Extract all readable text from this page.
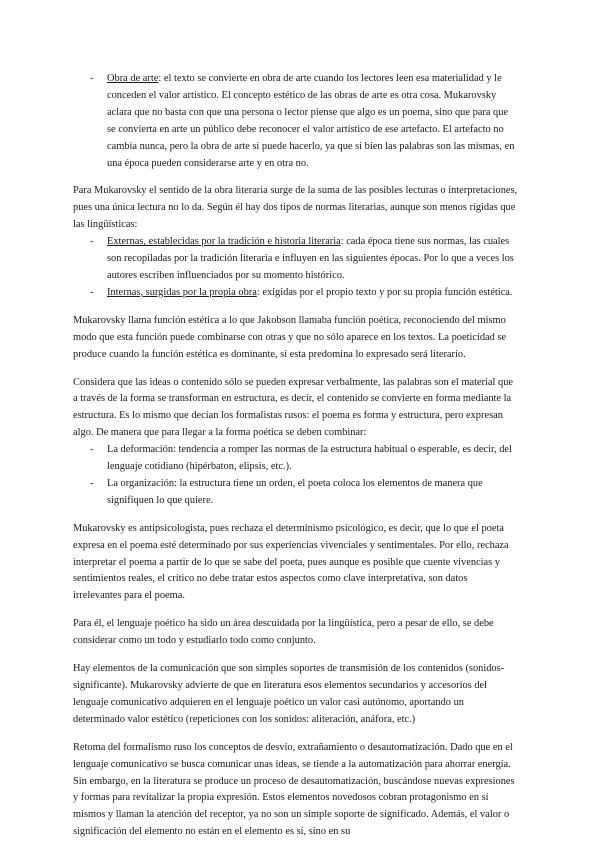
- Obra de arte: el texto se convierte en obra de arte cuando los lectores leen esa materialidad y le conceden el valor artístico. El concepto estético de las obras de arte es otra cosa. Mukarovsky aclara que no basta con que una persona o lector piense que algo es un poema, sino que para que se convierta en arte un público debe reconocer el valor artístico de ese artefacto. El artefacto no cambia nunca, pero la obra de arte sí puede hacerlo, ya que si bien las palabras son las mismas, en una época pueden considerarse arte y en otra no.

Para Mukarovsky el sentido de la obra literaria surge de la suma de las posibles lecturas o interpretaciones, pues una única lectura no lo da. Según él hay dos tipos de normas literarias, aunque son menos rígidas que las lingüísticas:

- Externas, establecidas por la tradición e historia literaria: cada época tiene sus normas, las cuales son recopiladas por la tradición literaria e influyen en las siguientes épocas. Por lo que a veces los autores escriben influenciados por su momento histórico.
- Internas, surgidas por la propia obra: exigidas por el propio texto y por su propia función estética.

Mukarovsky llama función estética a lo que Jakobson llamaba función poética, reconociendo del mismo modo que esta función puede combinarse con otras y que no sólo aparece en los textos. La poeticidad se produce cuando la función estética es dominante, si esta predomina lo expresado será literario.

Considera que las ideas o contenido sólo se pueden expresar verbalmente, las palabras son el material que a través de la forma se transforman en estructura, es decir, el contenido se convierte en forma mediante la estructura. Es lo mismo que decían los formalistas rusos: el poema es forma y estructura, pero expresan algo. De manera que para llegar a la forma poética se deben combinar:

- La deformación: tendencia a romper las normas de la estructura habitual o esperable, es decir, del lenguaje cotidiano (hipérbaton, elipsis, etc.).
- La organización: la estructura tiene un orden, el poeta coloca los elementos de manera que signifiquen lo que quiere.

Mukarovsky es antipsicologista, pues rechaza el determinismo psicológico, es decir, que lo que el poeta expresa en el poema esté determinado por sus experiencias vivenciales y sentimentales. Por ello, rechaza interpretar el poema a partir de lo que se sabe del poeta, pues aunque es posible que cuente vivencias y sentimientos reales, el crítico no debe tratar estos aspectos como clave interpretativa, son datos irrelevantes para el poema.

Para él, el lenguaje poético ha sido un área descuidada por la lingüística, pero a pesar de ello, se debe considerar como un todo y estudiarlo todo como conjunto.

Hay elementos de la comunicación que son simples soportes de transmisión de los contenidos (sonidos-significante). Mukarovsky advierte de que en literatura esos elementos secundarios y accesorios del lenguaje comunicativo adquieren en el lenguaje poético un valor casi autónomo, aportando un determinado valor estético (repeticiones con los sonidos: aliteración, anáfora, etc.)

Retoma del formalismo ruso los conceptos de desvío, extrañamiento o desautomatización. Dado que en el lenguaje comunicativo se busca comunicar unas ideas, se tiende a la automatización para ahorrar energía. Sin embargo, en la literatura se produce un proceso de desautomatización, buscándose nuevas expresiones y formas para revitalizar la propia expresión. Estos elementos novedosos cobran protagonismo en sí mismos y llaman la atención del receptor, ya no son un simple soporte de significado. Además, el valor o significación del elemento no están en el elemento es sí, sino en su
